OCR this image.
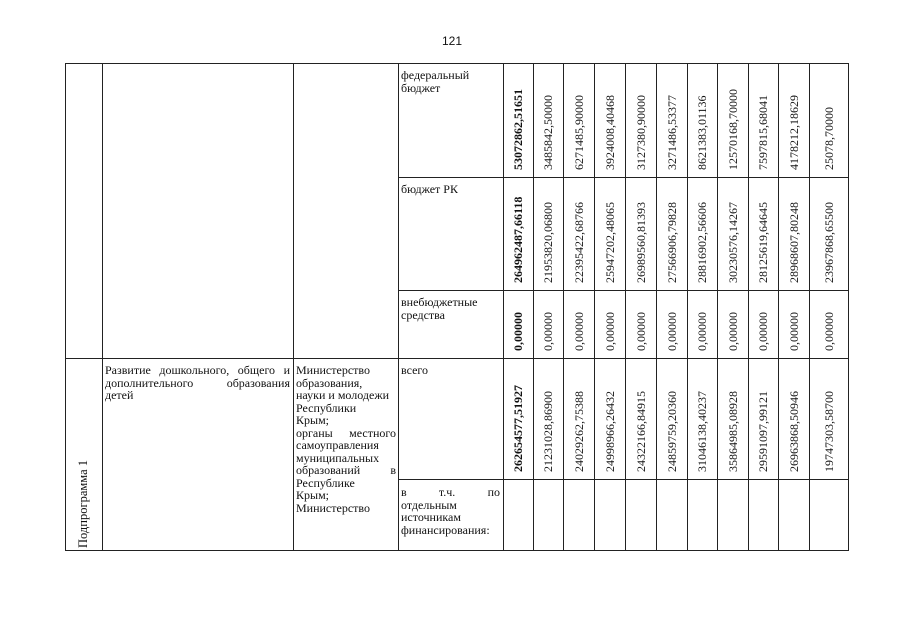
121
Подпрограмма 1
Развитие дошкольного, общего и
дополнительного образования
детей
Министерство
образования,
науки и молодежи
Республики
Крым;
органы местного
самоуправления
муниципальных
образований в
Республике
Крым;
Министерство
федеральный бюджет
бюджет РК
внебюджетные средства
всего
в т.ч. по отдельным источникам финансирования:
53072862,51651 3485842,50000 6271485,90000 3924008,40468 3127380,90000 3271486,53377 8621383,01136 12570168,70000 7597815,68041 4178212,18629 25078,70000
264962487,66118 21953820,06800 22395422,68766 25947202,48065 26989560,81393 27566906,79828 28816902,56606 30230576,14267 28125619,64645 28968607,80248 23967868,65500
0,00000 0,00000 0,00000 0,00000 0,00000 0,00000 0,00000 0,00000 0,00000 0,00000 0,00000
262654577,51927 21231028,86900 24029262,75388 24998966,26432 24322166,84915 24859759,20360 31046138,40237 35864985,08928 29591097,99121 26963868,50946 19747303,58700
